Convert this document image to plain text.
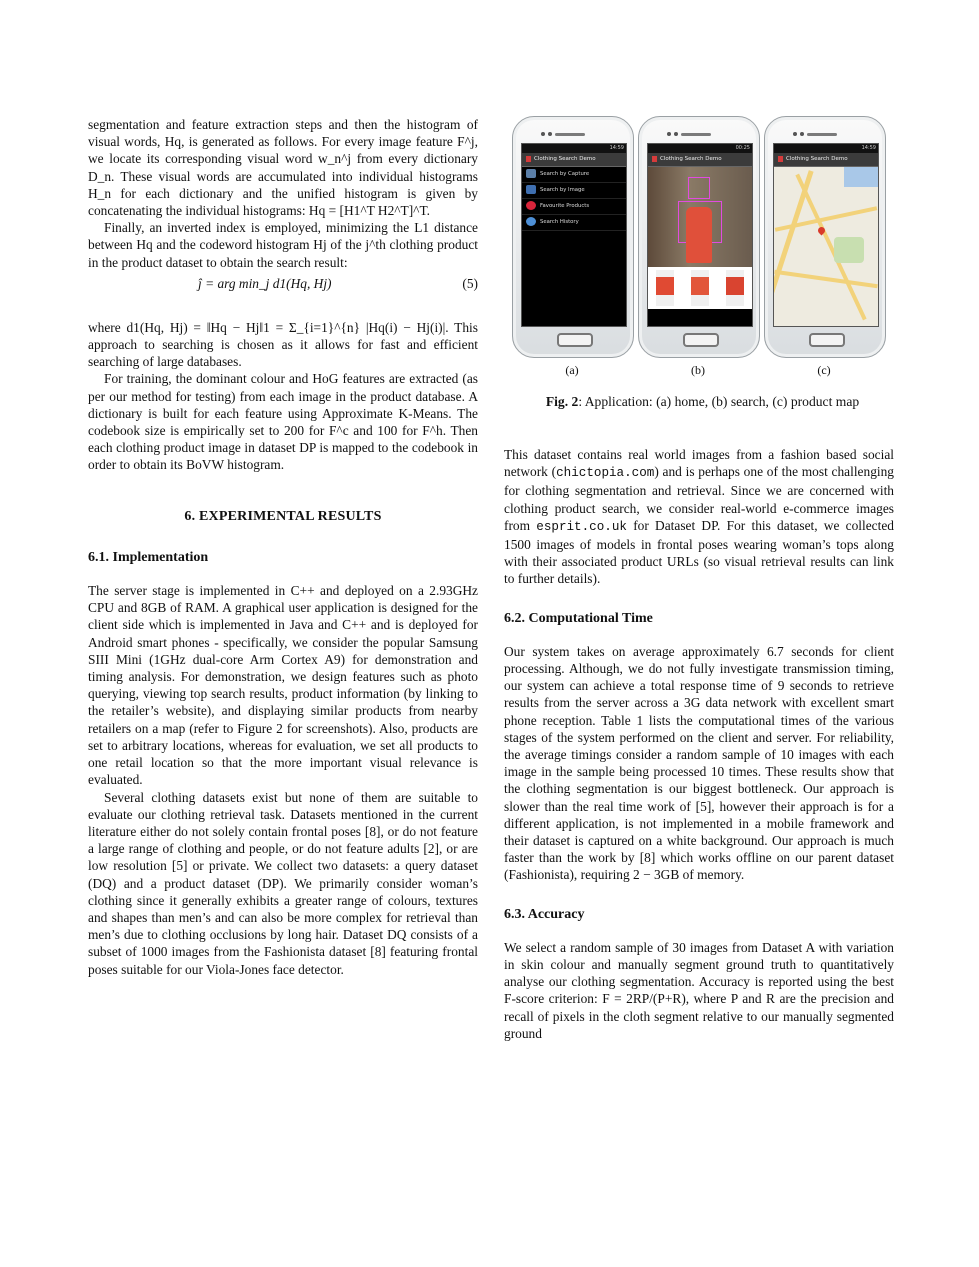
segmentation and feature extraction steps and then the histogram of visual words, Hq, is generated as follows. For every image feature F^j, we locate its corresponding visual word w_n^j from every dictionary D_n. These visual words are accumulated into individual histograms H_n for each dictionary and the unified histogram is given by concatenating the individual histograms: Hq = [H1^T H2^T]^T.

Finally, an inverted index is employed, minimizing the L1 distance between Hq and the codeword histogram Hj of the j^th clothing product in the product dataset to obtain the search result:

ĵ = arg min_j d1(Hq, Hj)	(5)

where d1(Hq, Hj) = ‖Hq − Hj‖1 = Σ_{i=1}^{n} |Hq(i) − Hj(i)|. This approach to searching is chosen as it allows for fast and efficient searching of large databases.

For training, the dominant colour and HoG features are extracted (as per our method for testing) from each image in the product database. A dictionary is built for each feature using Approximate K-Means. The codebook size is empirically set to 200 for F^c and 100 for F^h. Then each clothing product image in dataset DP is mapped to the codebook in order to obtain its BoVW histogram.

6. EXPERIMENTAL RESULTS
6.1. Implementation

The server stage is implemented in C++ and deployed on a 2.93GHz CPU and 8GB of RAM. A graphical user application is designed for the client side which is implemented in Java and C++ and is deployed for Android smart phones - specifically, we consider the popular Samsung SIII Mini (1GHz dual-core Arm Cortex A9) for demonstration and timing analysis. For demonstration, we design features such as photo querying, viewing top search results, product information (by linking to the retailer’s website), and displaying similar products from nearby retailers on a map (refer to Figure 2 for screenshots). Also, products are set to arbitrary locations, whereas for evaluation, we set all products to one retail location so that the more important visual relevance is evaluated.

Several clothing datasets exist but none of them are suitable to evaluate our clothing retrieval task. Datasets mentioned in the current literature either do not solely contain frontal poses [8], or do not feature a large range of clothing and people, or do not feature adults [2], or are low resolution [5] or private. We collect two datasets: a query dataset (DQ) and a product dataset (DP). We primarily consider woman’s clothing since it generally exhibits a greater range of colours, textures and shapes than men’s and can also be more complex for retrieval than men’s due to clothing occlusions by long hair. Dataset DQ consists of a subset of 1000 images from the Fashionista dataset [8] featuring frontal poses suitable for our Viola-Jones face detector.

14:59
Clothing Search Demo
Search by Capture
Search by Image
Favourite Products
Search History
00:25
Clothing Search Demo
14:59
Clothing Search Demo
(a)	(b)	(c)
Fig. 2: Application: (a) home, (b) search, (c) product map

This dataset contains real world images from a fashion based social network (chictopia.com) and is perhaps one of the most challenging for clothing segmentation and retrieval. Since we are concerned with clothing product search, we consider real-world e-commerce images from esprit.co.uk for Dataset DP. For this dataset, we collected 1500 images of models in frontal poses wearing woman’s tops along with their associated product URLs (so visual retrieval results can link to further details).

6.2. Computational Time

Our system takes on average approximately 6.7 seconds for client processing. Although, we do not fully investigate transmission timing, our system can achieve a total response time of 9 seconds to retrieve results from the server across a 3G data network with excellent smart phone reception. Table 1 lists the computational times of the various stages of the system performed on the client and server. For reliability, the average timings consider a random sample of 10 images with each image in the sample being processed 10 times. These results show that the clothing segmentation is our biggest bottleneck. Our approach is slower than the real time work of [5], however their approach is for a different application, is not implemented in a mobile framework and their dataset is captured on a white background. Our approach is much faster than the work by [8] which works offline on our parent dataset (Fashionista), requiring 2 − 3GB of memory.

6.3. Accuracy

We select a random sample of 30 images from Dataset A with variation in skin colour and manually segment ground truth to quantitatively analyse our clothing segmentation. Accuracy is reported using the best F-score criterion: F = 2RP/(P+R), where P and R are the precision and recall of pixels in the cloth segment relative to our manually segmented ground
